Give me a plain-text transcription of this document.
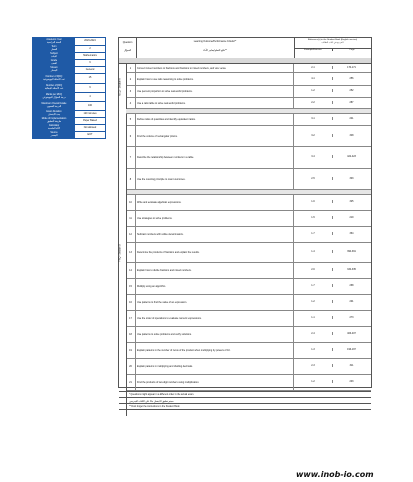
Academic Year
السنة الدراسية
2023-2024
Term
الفصل
2
Subject
المادة
Mathematics
Grade
الصف
6
Stream
المسار
General
Number of MCQ
عدد الأسئلة الموضوعية
15
Number of FRQ
عدد الأسئلة المقالية
6
Marks per MCQ
درجة السؤال الموضوعي
4
Maximum Overall Grade
الدرجة القصوى
100
Exam Duration
مدة الامتحان
120 minutes
Mode of implementation
طريقة التطبيق
Paper Based
Calculator
الآلة الحاسبة
Not allowed
Source
المصدر
EOT
Question
السؤال
Learning Outcome/Performance Criteria**
نتائج التعلم/معايير الأداء**
Reference(s) in the Student Book (English version)
المرجع في كتاب الطالب
Example/Exercise	Page
1	Convert mixed numbers to fractions and fractions to mixed numbers, and vice versa.	2-1	170-171
2	Explain how to use ratio reasoning to solve problems.	4-1	256
3	Use percent proportion to solve real-world problems.	1-2	252
4	Use a ratio table to solve real-world problems.	2-2	287
5	Define ratios of quantities and identify equivalent ratios.	3-1	241
6	Find the volume of rectangular prisms.	3-2	348
7	Describe the relationship between numbers in a table.	3-4	422-423
8	Use the counting principle to count outcomes.	2-5	303
10	Write and evaluate algebraic expressions.	1-6	325
11	Use strategies to solve problems.	1-5	219
12	Subtract numbers with unlike denominators.	1-7	364
13	Determine the products of fractions and explain the results.	1-4	390-391
14	Explain how to divide fractions and mixed numbers.	2-6	334-335
15	Multiply using an algorithm.	1-7	268
16	Use patterns to find the value of an expression.	1-2	201
17	Use the order of operations to evaluate numeric expressions.	1-1	273
18	Use patterns to solve problems and verify solutions.	2-4	406-407
19	Explain patterns in the number of zeros of the product when multiplying by powers of 10.	1-3	196-197
20	Explain patterns in multiplying and dividing decimals.	2-3	311
21	Find the products of two-digit numbers using multiplication.	1-2	203
MCQ - Section A
FRQ - Section B
* Questions might appear in a different order in the actual exam.
سيتم تطبيق الامتحان بناءً على الكتاب المدرسي
** Dont forget the instructions in the Student Book
www.inob-io.com
